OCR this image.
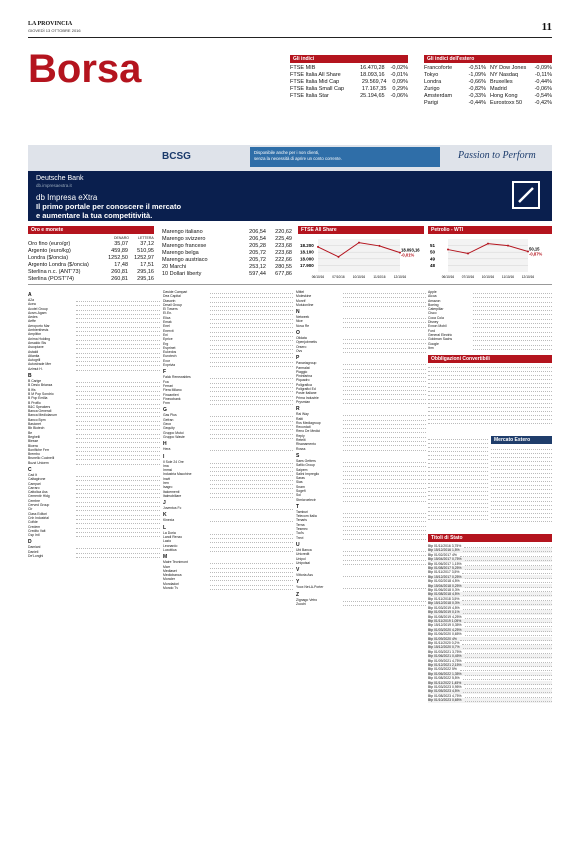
LA PROVINCIA
GIOVEDÌ 13 OTTOBRE 2016	11
Borsa	Gli indici
FTSE MIB	16.470,28 -0,02%
FTSE Italia All Share	18.093,16 -0,01%
FTSE Italia Mid Cap	29.569,74 0,09%
FTSE Italia Small Cap	17.167,35 0,29%
FTSE Italia Star	25.194,65 -0,06%
Gli indici dell'estero
Francoforte	-0,51% NY Dow Jones -0,09%
Tokyo	-1,09% NY Nasdaq	-0,11%
Londra	-0,66% Bruxelles	-0,44%
Zurigo	-0,82% Madrid	-0,06%
Amsterdam	-0,33% Hong Kong	-0,54%
Parigi	-0,44% Eurostoxx 50 -0,42%
BCSG	Disponibile anche per i non clienti,
senza la necessità di aprire un conto corrente.	Passion to Perform
Deutsche Bank
db.impresaextra.it
db Impresa eXtra
Il primo portale per conoscere il mercato
e aumentare la tua competitività.
Oro e monete
DENARO	LETTERA
Oro fino (euro/gr)	35,07 37,12
Argento (euro/kg)	459,89 510,95
Londra ($/oncia)	1252,50 1252,97
Argento Londra ($/oncia)	17,48 17,51
Sterlina n.c. (ANT'73)	260,81 295,16
Sterlina (POST'74)	260,81 295,16
Marengo italiano	206,54 220,62
Marengo svizzero	206,54 225,49
Marengo francese	205,28 223,68
Marengo belga	205,72 223,68
Marengo austriaco	205,72 222,66
20 Marchi	253,12 280,55
10 Dollari liberty	597,44 677,86
FTSE All Share
18.200
18.100
18.000
17.900
06/10/16	07/10/16	10/10/16	11/10/16	12/10/16
18.093,16
-0,01%
Petrolio - WTI
51
50
49
48
06/10/16 07/10/16 10/10/16 11/10/16 12/10/16
50,15
-0,87%
A
A2a
Acea
Acotel Group
Acsm-Agam
Aedes
Aeffe
Aeroporto Mar
Ambienthesis
Amplifon
Anima Holding
Ansaldo Sts
Ascopiave
Astaldi
Atlantia
Autogrill
Autostrade Mer
Azimut H.
B
B Carige
B Desio Brianza
B Ifis
B M Pop Sondrio
B Pop Emilia
B Profilo
B&C Speakers
Banca Generali
Banca Mediolanum
Banco Bpm
Basicnet
Bb Biotech
Be
Beghelli
Biesse
Bioera
Bonifiche Ferr
Brembo
Brunello Cucinelli
Buzzi Unicem
C
Cad It
Caltagirone
Campari
Carraro
Cattolica Ass
Cementir Hldg
Cembre
Cerved Group
Cir
Class Editori
Cnh Industrial
Cofide
Credem
Credito Valt
Csp Intl
D
Damiani
Danieli
De'Longhi
Davide Campari
Dea Capital
Diasorin
Dmail Group
Ei Towers
El.En.
Elica
Emak
Enel
Enervit
Eni
Eprice
Erg
Esprinet
Eukedos
Eurotech
Exor
Exprivia
F
Falck Renewables
Fca
Ferrari
Fiera Milano
Fincantieri
Finecobank
Fnm
G
Gas Plus
Gefran
Geox
Gequity
Gruppo Mutui
Gruppo Waste
H
Hera
I
Il Sole 24 Ore
Ima
Immsi
Industria Macchine
Inwit
Iren
Isagro
Italcementi
Italmobiliare
J
Juventus Fc
K
Kinexia
L
La Doria
Landi Renzo
Lazio
Leonardo
Luxottica
M
Maire Tecnimont
Marr
Mediaset
Mediobanca
Moncler
Mondadori
Mondo Tv
Mittel
Moleskine
Monrif
Mutuionline
N
Netweek
Nice
Nova Re
O
Olidata
Openjobmetis
Orsero
Ovs
P
Panariagroup
Parmalat
Piaggio
Pininfarina
Piquadro
Poligrafica
Poligrafici Ed
Poste Italiane
Prima Industrie
Prysmian
R
Rai Way
Ratti
Rcs Mediagroup
Recordati
Reno De Medici
Reply
Retelit
Risanamento
Rosss
S
Saes Getters
Safilo Group
Saipem
Salini Impregilo
Saras
Sias
Snam
Sogefi
Sol
Stmicroelectr
T
Tamburi
Telecom Italia
Tenaris
Terna
Tesmec
Tod's
Trevi
U
Ubi Banca
Unicredit
Unipol
Unipolsai
V
Vittoria Ass
Y
Yoox Net-A-Porter
Z
Zignago Vetro
Zucchi
Apple
Alcoa
Amazon
Boeing
Caterpillar
Cisco
Coca Cola
Disney
Exxon Mobil
Ford
General Electric
Goldman Sachs
Google
Ibm
Obbligazioni Convertibili
Mercato Estero
Titoli di Stato
Btp 01/11/2016 3,75%
Btp 15/12/2016 1,5%
Btp 01/02/2017 4%
Btp 15/04/2017 0,75%
Btp 01/06/2017 1,15%
Btp 01/08/2017 5,25%
Btp 01/11/2017 3,5%
Btp 15/12/2017 0,25%
Btp 01/02/2018 4,5%
Btp 15/04/2018 0,25%
Btp 01/06/2018 0,3%
Btp 01/08/2018 4,5%
Btp 01/11/2018 3,5%
Btp 15/12/2018 0,3%
Btp 01/03/2019 4,5%
Btp 01/05/2019 0,1%
Btp 01/08/2019 4,25%
Btp 01/11/2019 1,05%
Btp 15/12/2019 0,35%
Btp 01/03/2020 4,25%
Btp 01/06/2020 0,65%
Btp 01/09/2020 4%
Btp 01/11/2020 0,2%
Btp 15/12/2020 0,7%
Btp 01/03/2021 3,75%
Btp 01/06/2021 0,45%
Btp 01/09/2021 4,75%
Btp 01/12/2021 2,15%
Btp 01/03/2022 5%
Btp 01/06/2022 1,35%
Btp 01/08/2022 5,5%
Btp 01/11/2022 1,45%
Btp 01/03/2023 0,95%
Btp 01/05/2023 4,5%
Btp 01/08/2023 4,75%
Btp 01/10/2023 0,65%
